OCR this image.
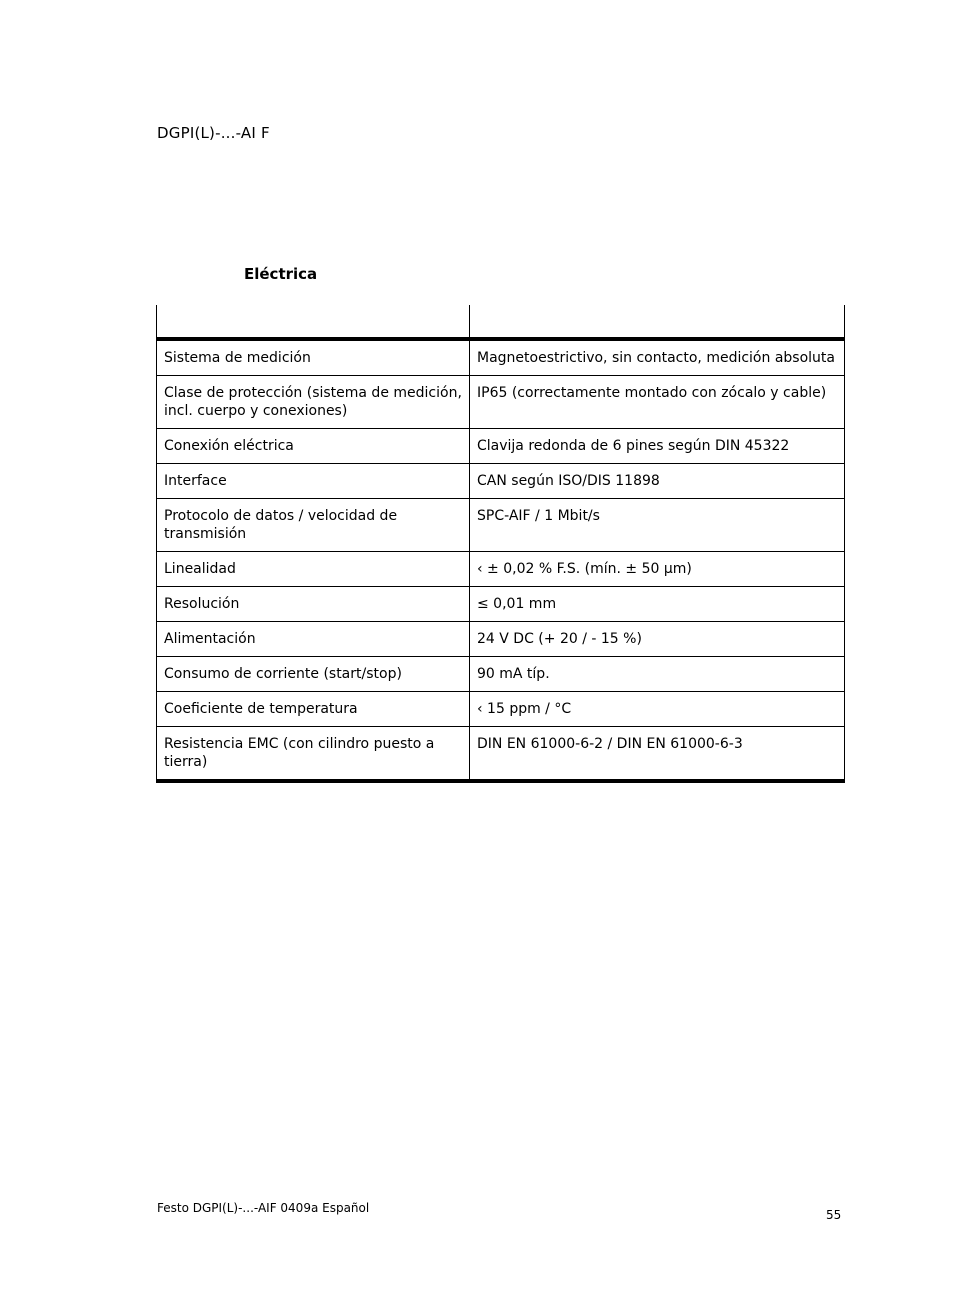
DGPI(L)-...-AI F
Eléctrica

Sistema de medición	Magnetoestrictivo, sin contacto, medición absoluta
Clase de protección (sistema de medición, incl. cuerpo y conexiones)	IP65 (correctamente montado con zócalo y cable)
Conexión eléctrica	Clavija redonda de 6 pines según DIN 45322
Interface	CAN según ISO/DIS 11898
Protocolo de datos / velocidad de transmisión	SPC-AIF / 1 Mbit/s
Linealidad	‹ ± 0,02 % F.S. (mín. ± 50 µm)
Resolución	≤ 0,01 mm
Alimentación	24 V DC (+ 20 / - 15 %)
Consumo de corriente (start/stop)	90 mA típ.
Coeficiente de temperatura	‹ 15 ppm / °C
Resistencia EMC (con cilindro puesto a tierra)	DIN EN 61000-6-2 / DIN EN 61000-6-3
Festo DGPI(L)-...-AIF 0409a Español	55
